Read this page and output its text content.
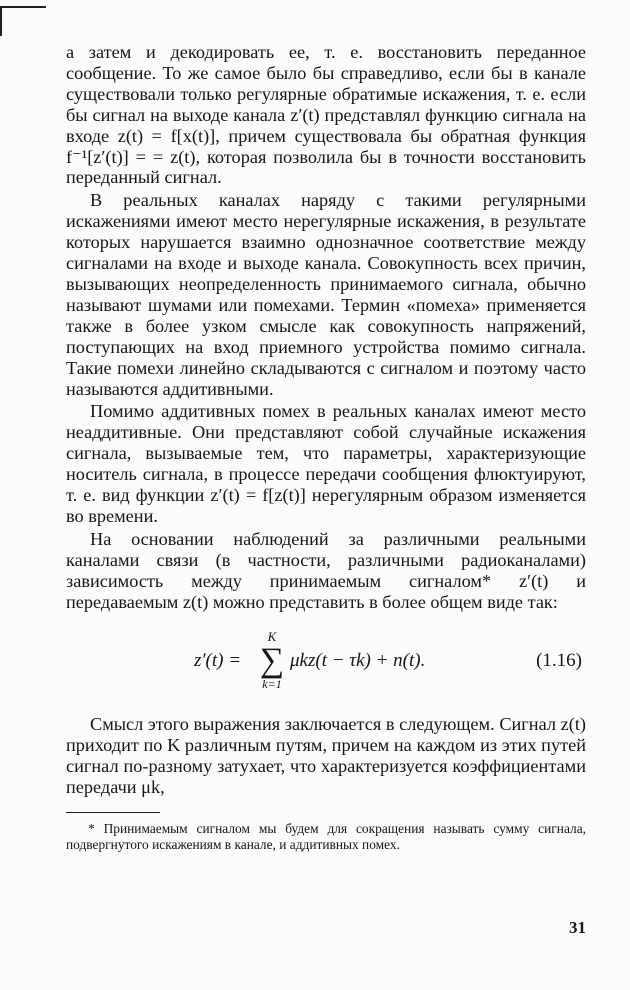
а затем и декодировать ее, т. е. восстановить переданное сообщение. То же самое было бы справедливо, если бы в канале существовали только регулярные обратимые искажения, т. е. если бы сигнал на выходе канала z′(t) представлял функцию сигнала на входе z(t) = f[x(t)], причем существовала бы обратная функция f⁻¹[z′(t)] = = z(t), которая позволила бы в точности восстановить переданный сигнал.

В реальных каналах наряду с такими регулярными искажениями имеют место нерегулярные искажения, в результате которых нарушается взаимно однозначное соответствие между сигналами на входе и выходе канала. Совокупность всех причин, вызывающих неопределенность принимаемого сигнала, обычно называют шумами или помехами. Термин «помеха» применяется также в более узком смысле как совокупность напряжений, поступающих на вход приемного устройства помимо сигнала. Такие помехи линейно складываются с сигналом и поэтому часто называются аддитивными.

Помимо аддитивных помех в реальных каналах имеют место неаддитивные. Они представляют собой случайные искажения сигнала, вызываемые тем, что параметры, характеризующие носитель сигнала, в процессе передачи сообщения флюктуируют, т. е. вид функции z′(t) = f[z(t)] нерегулярным образом изменяется во времени.

На основании наблюдений за различными реальными каналами связи (в частности, различными радиоканалами) зависимость между принимаемым сигналом* z′(t) и передаваемым z(t) можно представить в более общем виде так:

z′(t) =
K
∑
k=1
μkz(t − τk) + n(t).	(1.16)

Смысл этого выражения заключается в следующем. Сигнал z(t) приходит по K различным путям, причем на каждом из этих путей сигнал по-разному затухает, что характеризуется коэффициентами передачи μk,

* Принимаемым сигналом мы будем для сокращения называть сумму сигнала, подвергнутого искажениям в канале, и аддитивных помех.

31
